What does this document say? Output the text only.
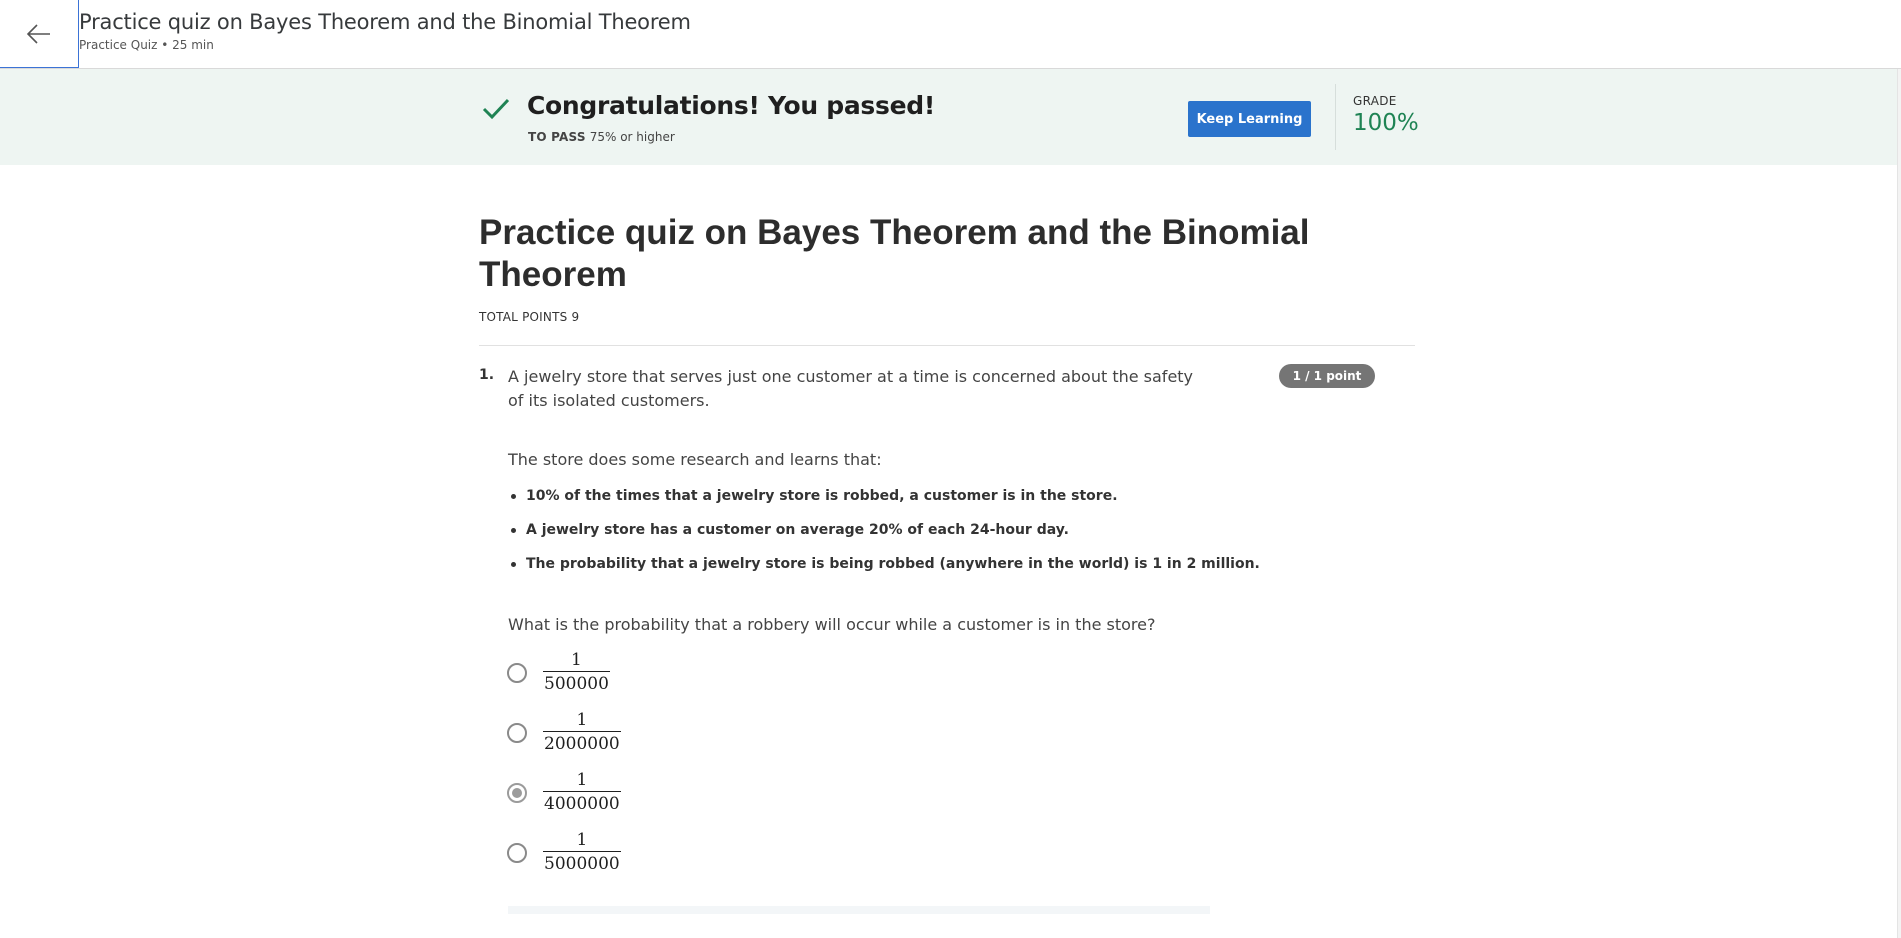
Practice quiz on Bayes Theorem and the Binomial Theorem
Practice Quiz • 25 min
Congratulations! You passed!
TO PASS 75% or higher
Keep Learning
GRADE
100%
Practice quiz on Bayes Theorem and the Binomial Theorem
TOTAL POINTS 9
1. A jewelry store that serves just one customer at a time is concerned about the safety of its isolated customers.
1 / 1 point
The store does some research and learns that:
10% of the times that a jewelry store is robbed, a customer is in the store.
A jewelry store has a customer on average 20% of each 24-hour day.
The probability that a jewelry store is being robbed (anywhere in the world) is 1 in 2 million.
What is the probability that a robbery will occur while a customer is in the store?
1
500000
1
2000000
1
4000000
1
5000000
